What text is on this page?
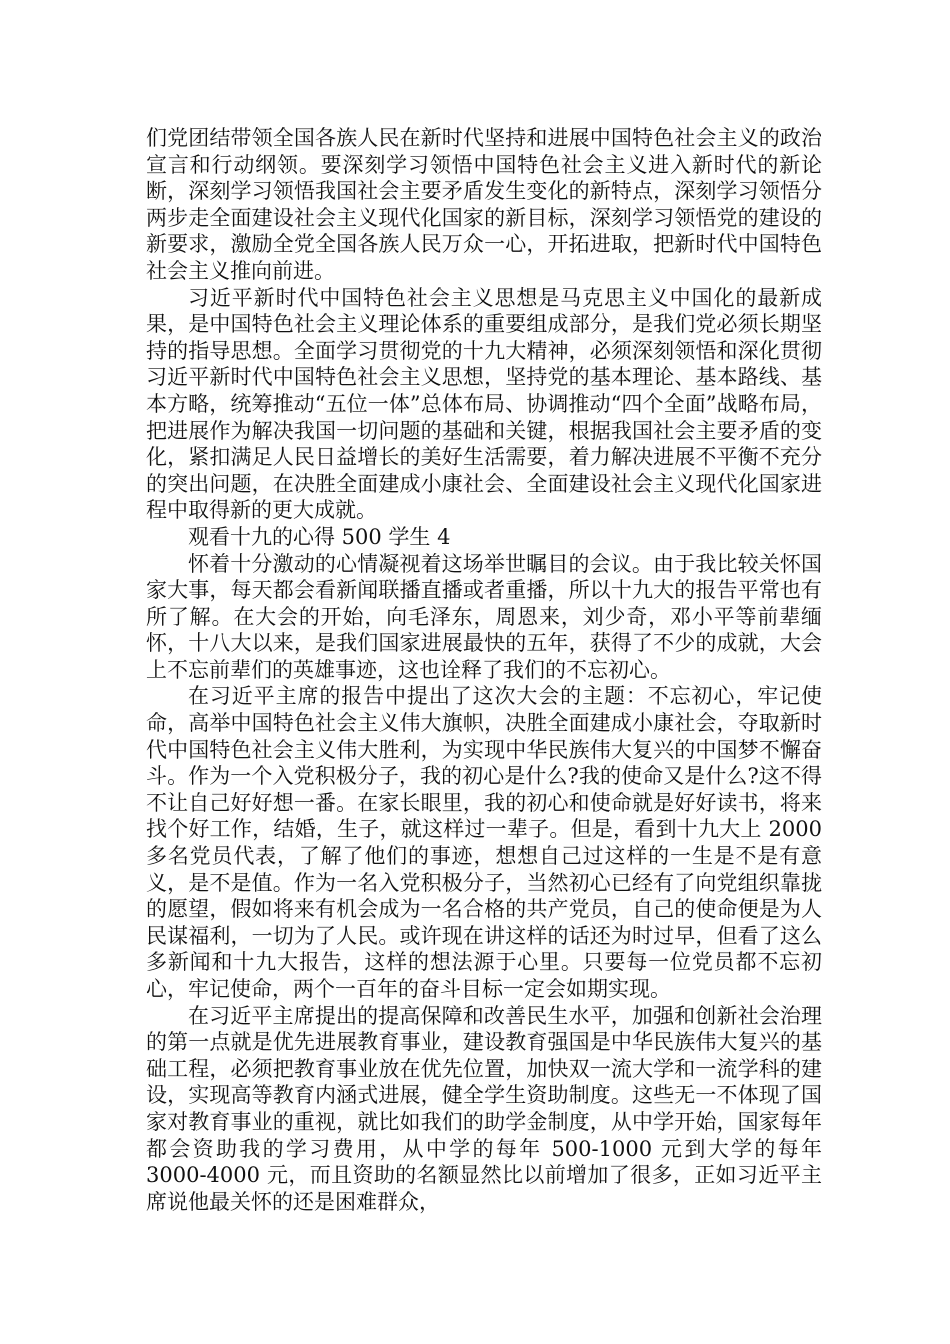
们党团结带领全国各族人民在新时代坚持和进展中国特色社会主义的政治宣言和行动纲领。要深刻学习领悟中国特色社会主义进入新时代的新论断，深刻学习领悟我国社会主要矛盾发生变化的新特点，深刻学习领悟分两步走全面建设社会主义现代化国家的新目标，深刻学习领悟党的建设的新要求，激励全党全国各族人民万众一心，开拓进取，把新时代中国特色社会主义推向前进。

习近平新时代中国特色社会主义思想是马克思主义中国化的最新成果，是中国特色社会主义理论体系的重要组成部分，是我们党必须长期坚持的指导思想。全面学习贯彻党的十九大精神，必须深刻领悟和深化贯彻习近平新时代中国特色社会主义思想，坚持党的基本理论、基本路线、基本方略，统筹推动“五位一体”总体布局、协调推动“四个全面”战略布局，把进展作为解决我国一切问题的基础和关键，根据我国社会主要矛盾的变化，紧扣满足人民日益增长的美好生活需要，着力解决进展不平衡不充分的突出问题，在决胜全面建成小康社会、全面建设社会主义现代化国家进程中取得新的更大成就。

观看十九的心得 500 学生 4

怀着十分激动的心情凝视着这场举世瞩目的会议。由于我比较关怀国家大事，每天都会看新闻联播直播或者重播，所以十九大的报告平常也有所了解。在大会的开始，向毛泽东，周恩来，刘少奇，邓小平等前辈缅怀，十八大以来，是我们国家进展最快的五年，获得了不少的成就，大会上不忘前辈们的英雄事迹，这也诠释了我们的不忘初心。

在习近平主席的报告中提出了这次大会的主题：不忘初心，牢记使命，高举中国特色社会主义伟大旗帜，决胜全面建成小康社会，夺取新时代中国特色社会主义伟大胜利，为实现中华民族伟大复兴的中国梦不懈奋斗。作为一个入党积极分子，我的初心是什么?我的使命又是什么?这不得不让自己好好想一番。在家长眼里，我的初心和使命就是好好读书，将来找个好工作，结婚，生子，就这样过一辈子。但是，看到十九大上 2000 多名党员代表，了解了他们的事迹，想想自己过这样的一生是不是有意义，是不是值。作为一名入党积极分子，当然初心已经有了向党组织靠拢的愿望，假如将来有机会成为一名合格的共产党员，自己的使命便是为人民谋福利，一切为了人民。或许现在讲这样的话还为时过早，但看了这么多新闻和十九大报告，这样的想法源于心里。只要每一位党员都不忘初心，牢记使命，两个一百年的奋斗目标一定会如期实现。

在习近平主席提出的提高保障和改善民生水平，加强和创新社会治理的第一点就是优先进展教育事业，建设教育强国是中华民族伟大复兴的基础工程，必须把教育事业放在优先位置，加快双一流大学和一流学科的建设，实现高等教育内涵式进展，健全学生资助制度。这些无一不体现了国家对教育事业的重视，就比如我们的助学金制度，从中学开始，国家每年都会资助我的学习费用，从中学的每年 500-1000 元到大学的每年 3000-4000 元，而且资助的名额显然比以前增加了很多，正如习近平主席说他最关怀的还是困难群众，
